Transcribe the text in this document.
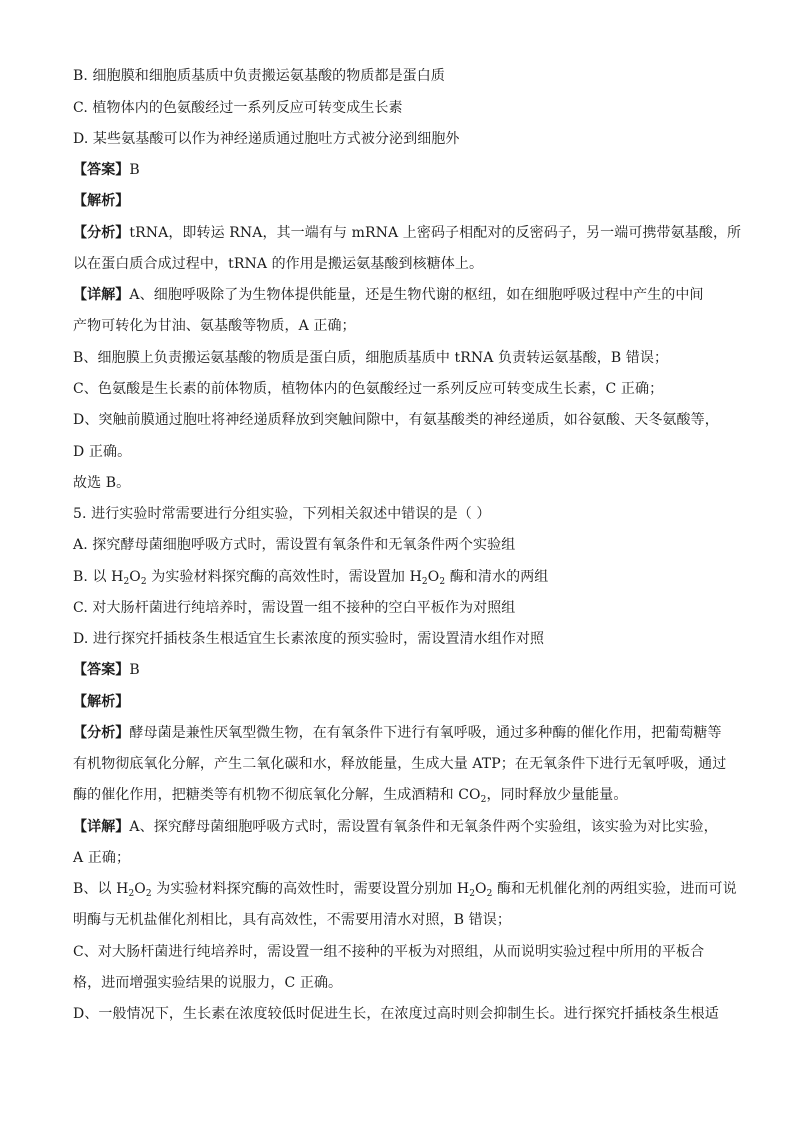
B. 细胞膜和细胞质基质中负责搬运氨基酸的物质都是蛋白质
C. 植物体内的色氨酸经过一系列反应可转变成生长素
D. 某些氨基酸可以作为神经递质通过胞吐方式被分泌到细胞外
【答案】B
【解析】
【分析】tRNA，即转运 RNA，其一端有与 mRNA 上密码子相配对的反密码子，另一端可携带氨基酸，所
以在蛋白质合成过程中，tRNA 的作用是搬运氨基酸到核糖体上。
【详解】A、细胞呼吸除了为生物体提供能量，还是生物代谢的枢纽，如在细胞呼吸过程中产生的中间
产物可转化为甘油、氨基酸等物质，A 正确；
B、细胞膜上负责搬运氨基酸的物质是蛋白质，细胞质基质中 tRNA 负责转运氨基酸，B 错误；
C、色氨酸是生长素的前体物质，植物体内的色氨酸经过一系列反应可转变成生长素，C 正确；
D、突触前膜通过胞吐将神经递质释放到突触间隙中，有氨基酸类的神经递质，如谷氨酸、天冬氨酸等，
D 正确。
故选 B。
5. 进行实验时常需要进行分组实验，下列相关叙述中错误的是（ ）
A. 探究酵母菌细胞呼吸方式时，需设置有氧条件和无氧条件两个实验组
B. 以 $H_2O_2$ 为实验材料探究酶的高效性时，需设置加 $H_2O_2$ 酶和清水的两组
C. 对大肠杆菌进行纯培养时，需设置一组不接种的空白平板作为对照组
D. 进行探究扦插枝条生根适宜生长素浓度的预实验时，需设置清水组作对照
【答案】B
【解析】
【分析】酵母菌是兼性厌氧型微生物，在有氧条件下进行有氧呼吸，通过多种酶的催化作用，把葡萄糖等
有机物彻底氧化分解，产生二氧化碳和水，释放能量，生成大量 ATP；在无氧条件下进行无氧呼吸，通过
酶的催化作用，把糖类等有机物不彻底氧化分解，生成酒精和 $CO_2$，同时释放少量能量。
【详解】A、探究酵母菌细胞呼吸方式时，需设置有氧条件和无氧条件两个实验组，该实验为对比实验，
A 正确；
B、以 $H_2O_2$ 为实验材料探究酶的高效性时，需要设置分别加 $H_2O_2$ 酶和无机催化剂的两组实验，进而可说
明酶与无机盐催化剂相比，具有高效性，不需要用清水对照，B 错误；
C、对大肠杆菌进行纯培养时，需设置一组不接种的平板为对照组，从而说明实验过程中所用的平板合
格，进而增强实验结果的说服力，C 正确。
D、一般情况下，生长素在浓度较低时促进生长，在浓度过高时则会抑制生长。进行探究扦插枝条生根适
